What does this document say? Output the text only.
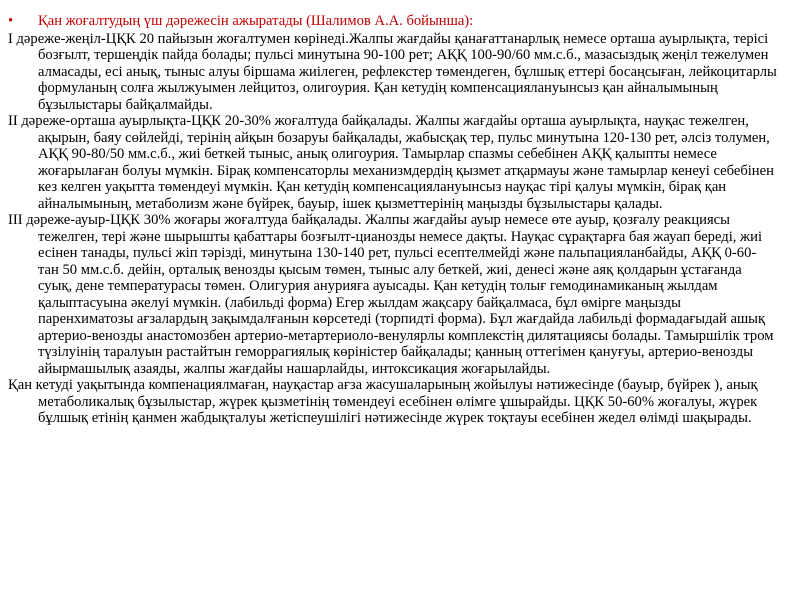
•	Қан жоғалтудың үш дәрежесін ажыратады (Шалимов А.А. бойынша):

I дәреже-жеңіл-ЦҚК 20 пайызын жоғалтумен көрінеді.Жалпы жағдайы қанағаттанарлық немесе орташа ауырлықта, терісі бозғылт, тершеңдік пайда болады; пульсі минутына 90-100 рет; АҚҚ 100-90/60 мм.с.б., мазасыздық жеңіл тежелумен алмасады, есі анық, тыныс алуы біршама жиілеген, рефлекстер төмендеген, бұлшық еттері босаңсыған, лейкоцитарлы формуланың солға жылжуымен лейцитоз, олигоурия. Қан кетудің компенсациялануынсыз қан айналымының бұзылыстары байқалмайды.

II дәреже-орташа ауырлықта-ЦҚК 20-30% жоғалтуда байқалады. Жалпы жағдайы орташа ауырлықта, науқас тежелген, ақырын, баяу сөйлейді, терінің айқын бозаруы байқалады, жабысқақ тер, пульс минутына 120-130 рет, әлсіз толумен, АҚҚ 90-80/50 мм.с.б., жиі беткей тыныс, анық олигоурия. Тамырлар спазмы себебінен АҚҚ қалыпты немесе жоғарылаған болуы мүмкін. Бірақ компенсаторлы механизмдердің қызмет атқармауы және тамырлар кенеуі себебінен кез келген уақытта төмендеуі мүмкін. Қан кетудің компенсациялануынсыз науқас тірі қалуы мүмкін, бірақ қан айналымының, метаболизм және бүйрек, бауыр, ішек қызметтерінің маңызды бұзылыстары қалады.

III дәреже-ауыр-ЦҚК 30% жоғары жоғалтуда байқалады. Жалпы жағдайы ауыр немесе өте ауыр, қозғалу реакциясы тежелген, тері және шырышты қабаттары бозғылт-цианозды немесе дақты. Науқас сұрақтарға бая жауап береді, жиі есінен танады, пульсі жіп тәрізді, минутына 130-140 рет, пульсі есептелмейді және пальпацияланбайды, АҚҚ 0-60- тан 50 мм.с.б. дейін, орталық венозды қысым төмен, тыныс алу беткей, жиі, денесі және аяқ қолдарын ұстағанда суық, дене температурасы төмен. Олигурия анурияға ауысады. Қан кетудің толығ гемодинамиканың жылдам қалыптасуына әкелуі мүмкін. (лабильді форма) Егер жылдам жақсару байқалмаса, бұл өмірге маңызды паренхиматозы ағзалардың зақымдалғанын көрсетеді (торпидті форма). Бұл жағдайда лабильді формадағыдай ашық артерио-венозды анастомозбен артерио-метартериоло-венулярлы комплекстің дилятациясы болады. Тамыршілік тром түзілуінің таралуын растайтын геморрагиялық көріністер байқалады; қанның оттегімен қануғуы, артерио-венозды айырмашылық азаяды, жалпы жағдайы нашарлайды, интоксикация жоғарылайды.

Қан кетуді уақытында компенациялмаған, науқастар ағза жасушаларының жойылуы нәтижесінде (бауыр, бүйрек ), анық метаболикалық бұзылыстар, жүрек қызметінің төмендеуі есебінен өлімге ұшырайды. ЦҚК 50-60% жоғалуы, жүрек бұлшық етінің қанмен жабдықталуы жетіспеушілігі нәтижесінде жүрек тоқтауы есебінен жедел өлімді шақырады.
